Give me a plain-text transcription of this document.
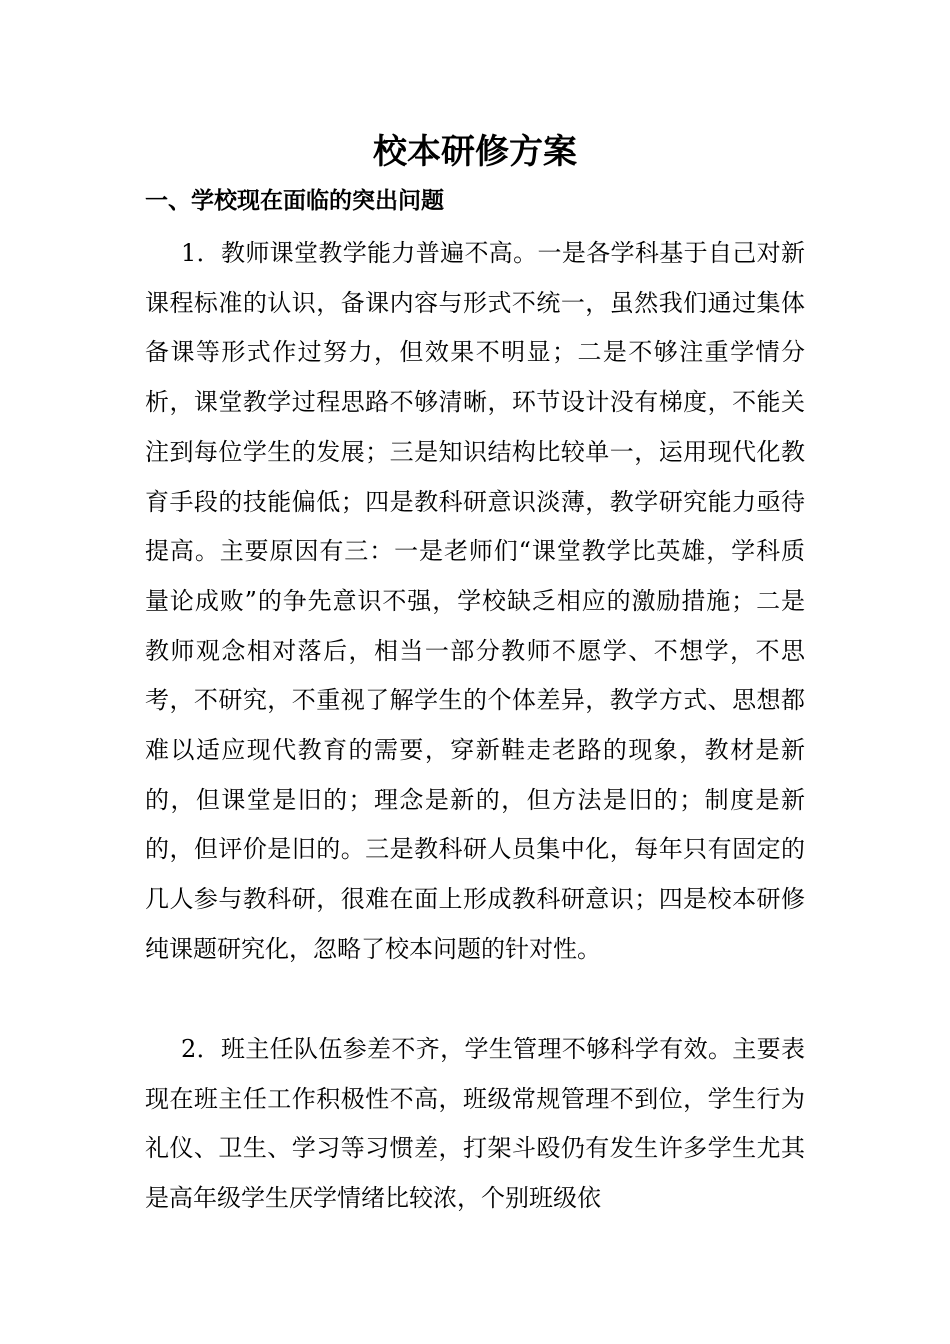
校本研修方案
一、学校现在面临的突出问题

1．教师课堂教学能力普遍不高。一是各学科基于自己对新课程标准的认识，备课内容与形式不统一，虽然我们通过集体备课等形式作过努力，但效果不明显；二是不够注重学情分析，课堂教学过程思路不够清晰，环节设计没有梯度，不能关注到每位学生的发展；三是知识结构比较单一，运用现代化教育手段的技能偏低；四是教科研意识淡薄，教学研究能力亟待提高。主要原因有三：一是老师们“课堂教学比英雄，学科质量论成败”的争先意识不强，学校缺乏相应的激励措施；二是教师观念相对落后，相当一部分教师不愿学、不想学，不思考，不研究，不重视了解学生的个体差异，教学方式、思想都难以适应现代教育的需要，穿新鞋走老路的现象，教材是新的，但课堂是旧的；理念是新的，但方法是旧的；制度是新的，但评价是旧的。三是教科研人员集中化，每年只有固定的几人参与教科研，很难在面上形成教科研意识；四是校本研修纯课题研究化，忽略了校本问题的针对性。

2．班主任队伍参差不齐，学生管理不够科学有效。主要表现在班主任工作积极性不高，班级常规管理不到位，学生行为礼仪、卫生、学习等习惯差，打架斗殴仍有发生许多学生尤其是高年级学生厌学情绪比较浓，个别班级依
